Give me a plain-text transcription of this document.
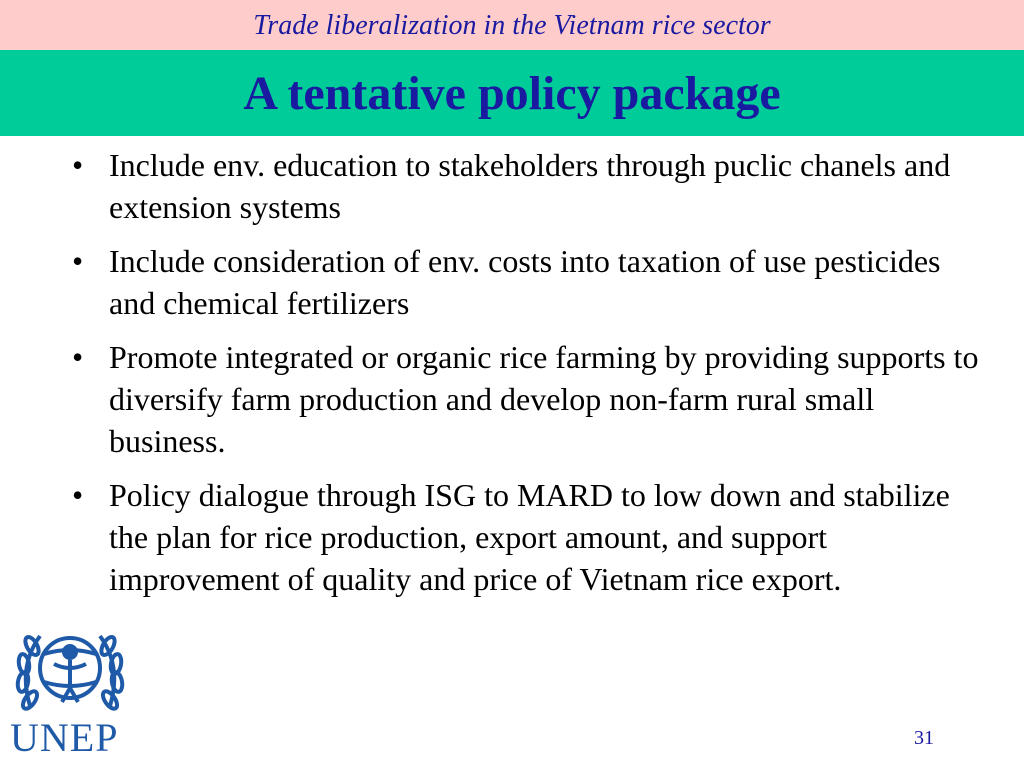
Trade liberalization in the Vietnam rice sector
A tentative policy package
• Include env. education to stakeholders through puclic chanels and extension systems
• Include consideration of env. costs into taxation of use pesticides and chemical fertilizers
• Promote integrated or organic rice farming by providing supports to diversify farm production and develop non-farm rural small business.
• Policy dialogue through ISG to MARD to low down and stabilize the plan for rice production, export amount, and support improvement of quality and price of Vietnam rice export.
UNEP	31
